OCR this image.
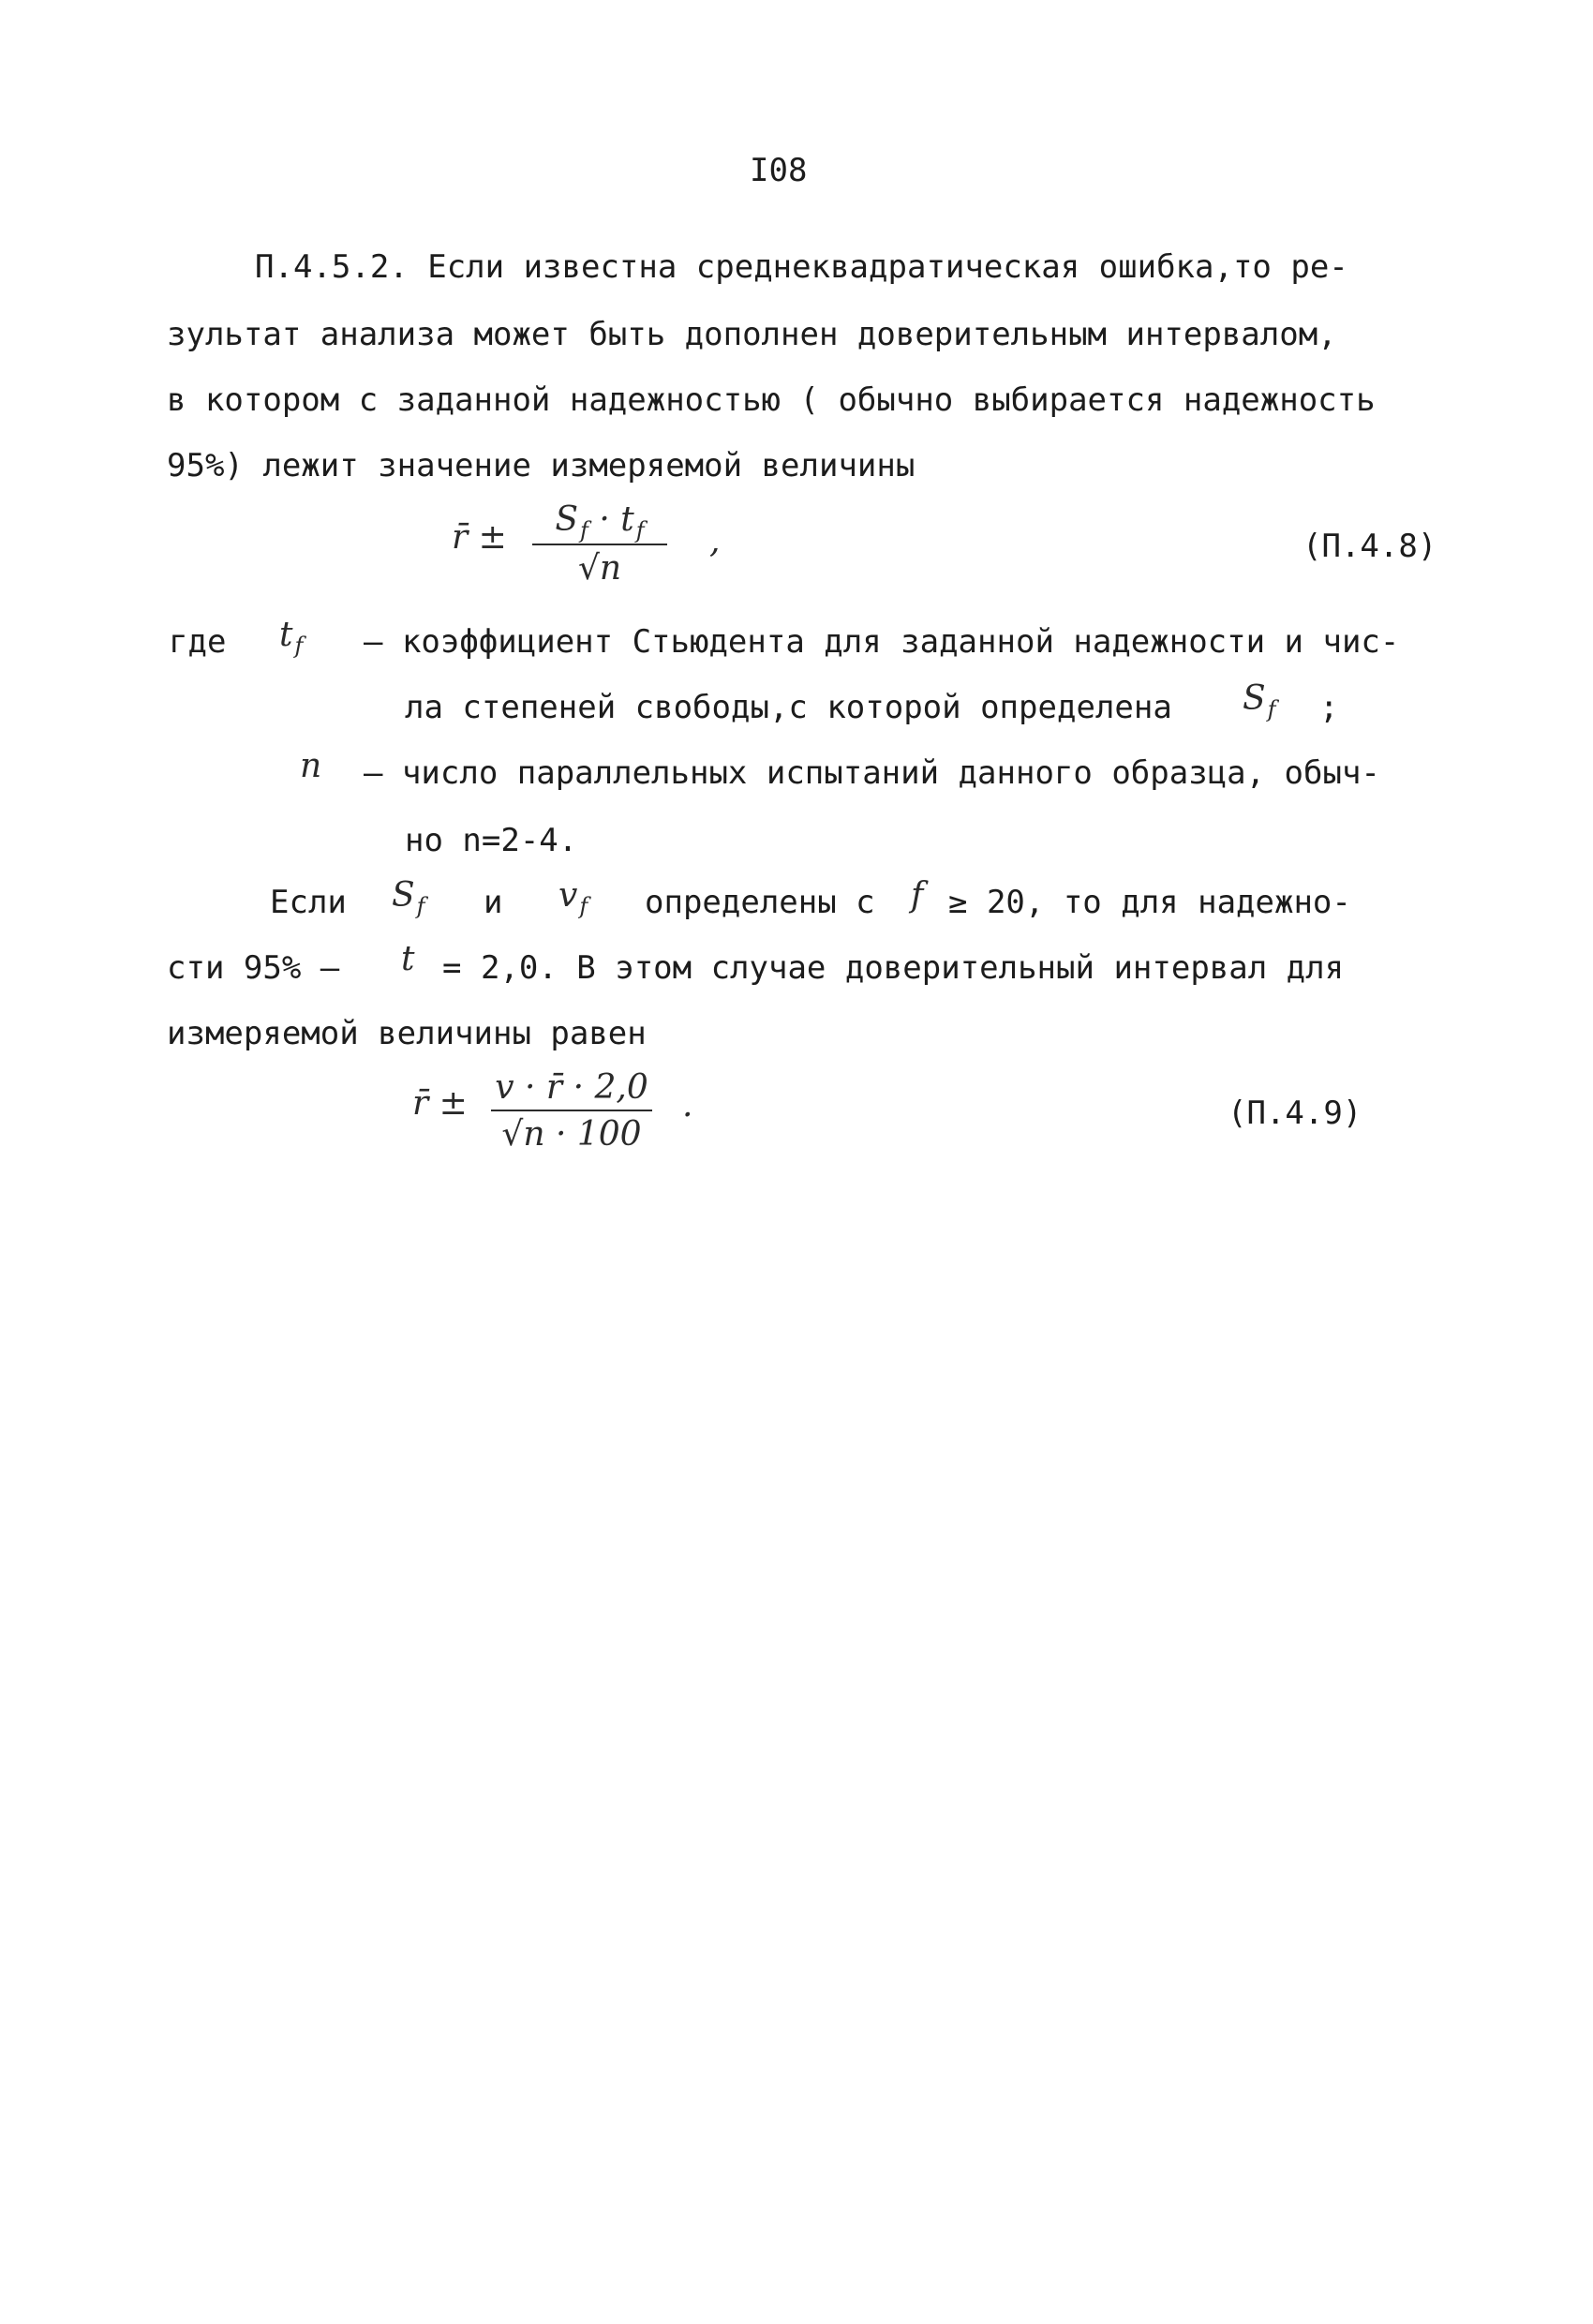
I08
П.4.5.2. Если известна среднеквадратическая ошибка,то ре-
зультат анализа может быть дополнен доверительным интервалом,
в котором с заданной надежностью ( обычно выбирается надежность
95%) лежит значение измеряемой величины
r̄ ±	$S_f \cdot t_f$
√n
,	(П.4.8)
где $t_f$ – коэффициент Стьюдента для заданной надежности и чис-
ла степеней свободы,с которой определена $S_f$ ;
n – число параллельных испытаний данного образца, обыч-
но n=2-4.
Если $S_f$ и $v_f$ определены с f ≥ 20, то для надежно-
сти 95% – t = 2,0. В этом случае доверительный интервал для
измеряемой величины равен
r̄ ± v · r̄ · 2,0
√n · 100
.	(П.4.9)
